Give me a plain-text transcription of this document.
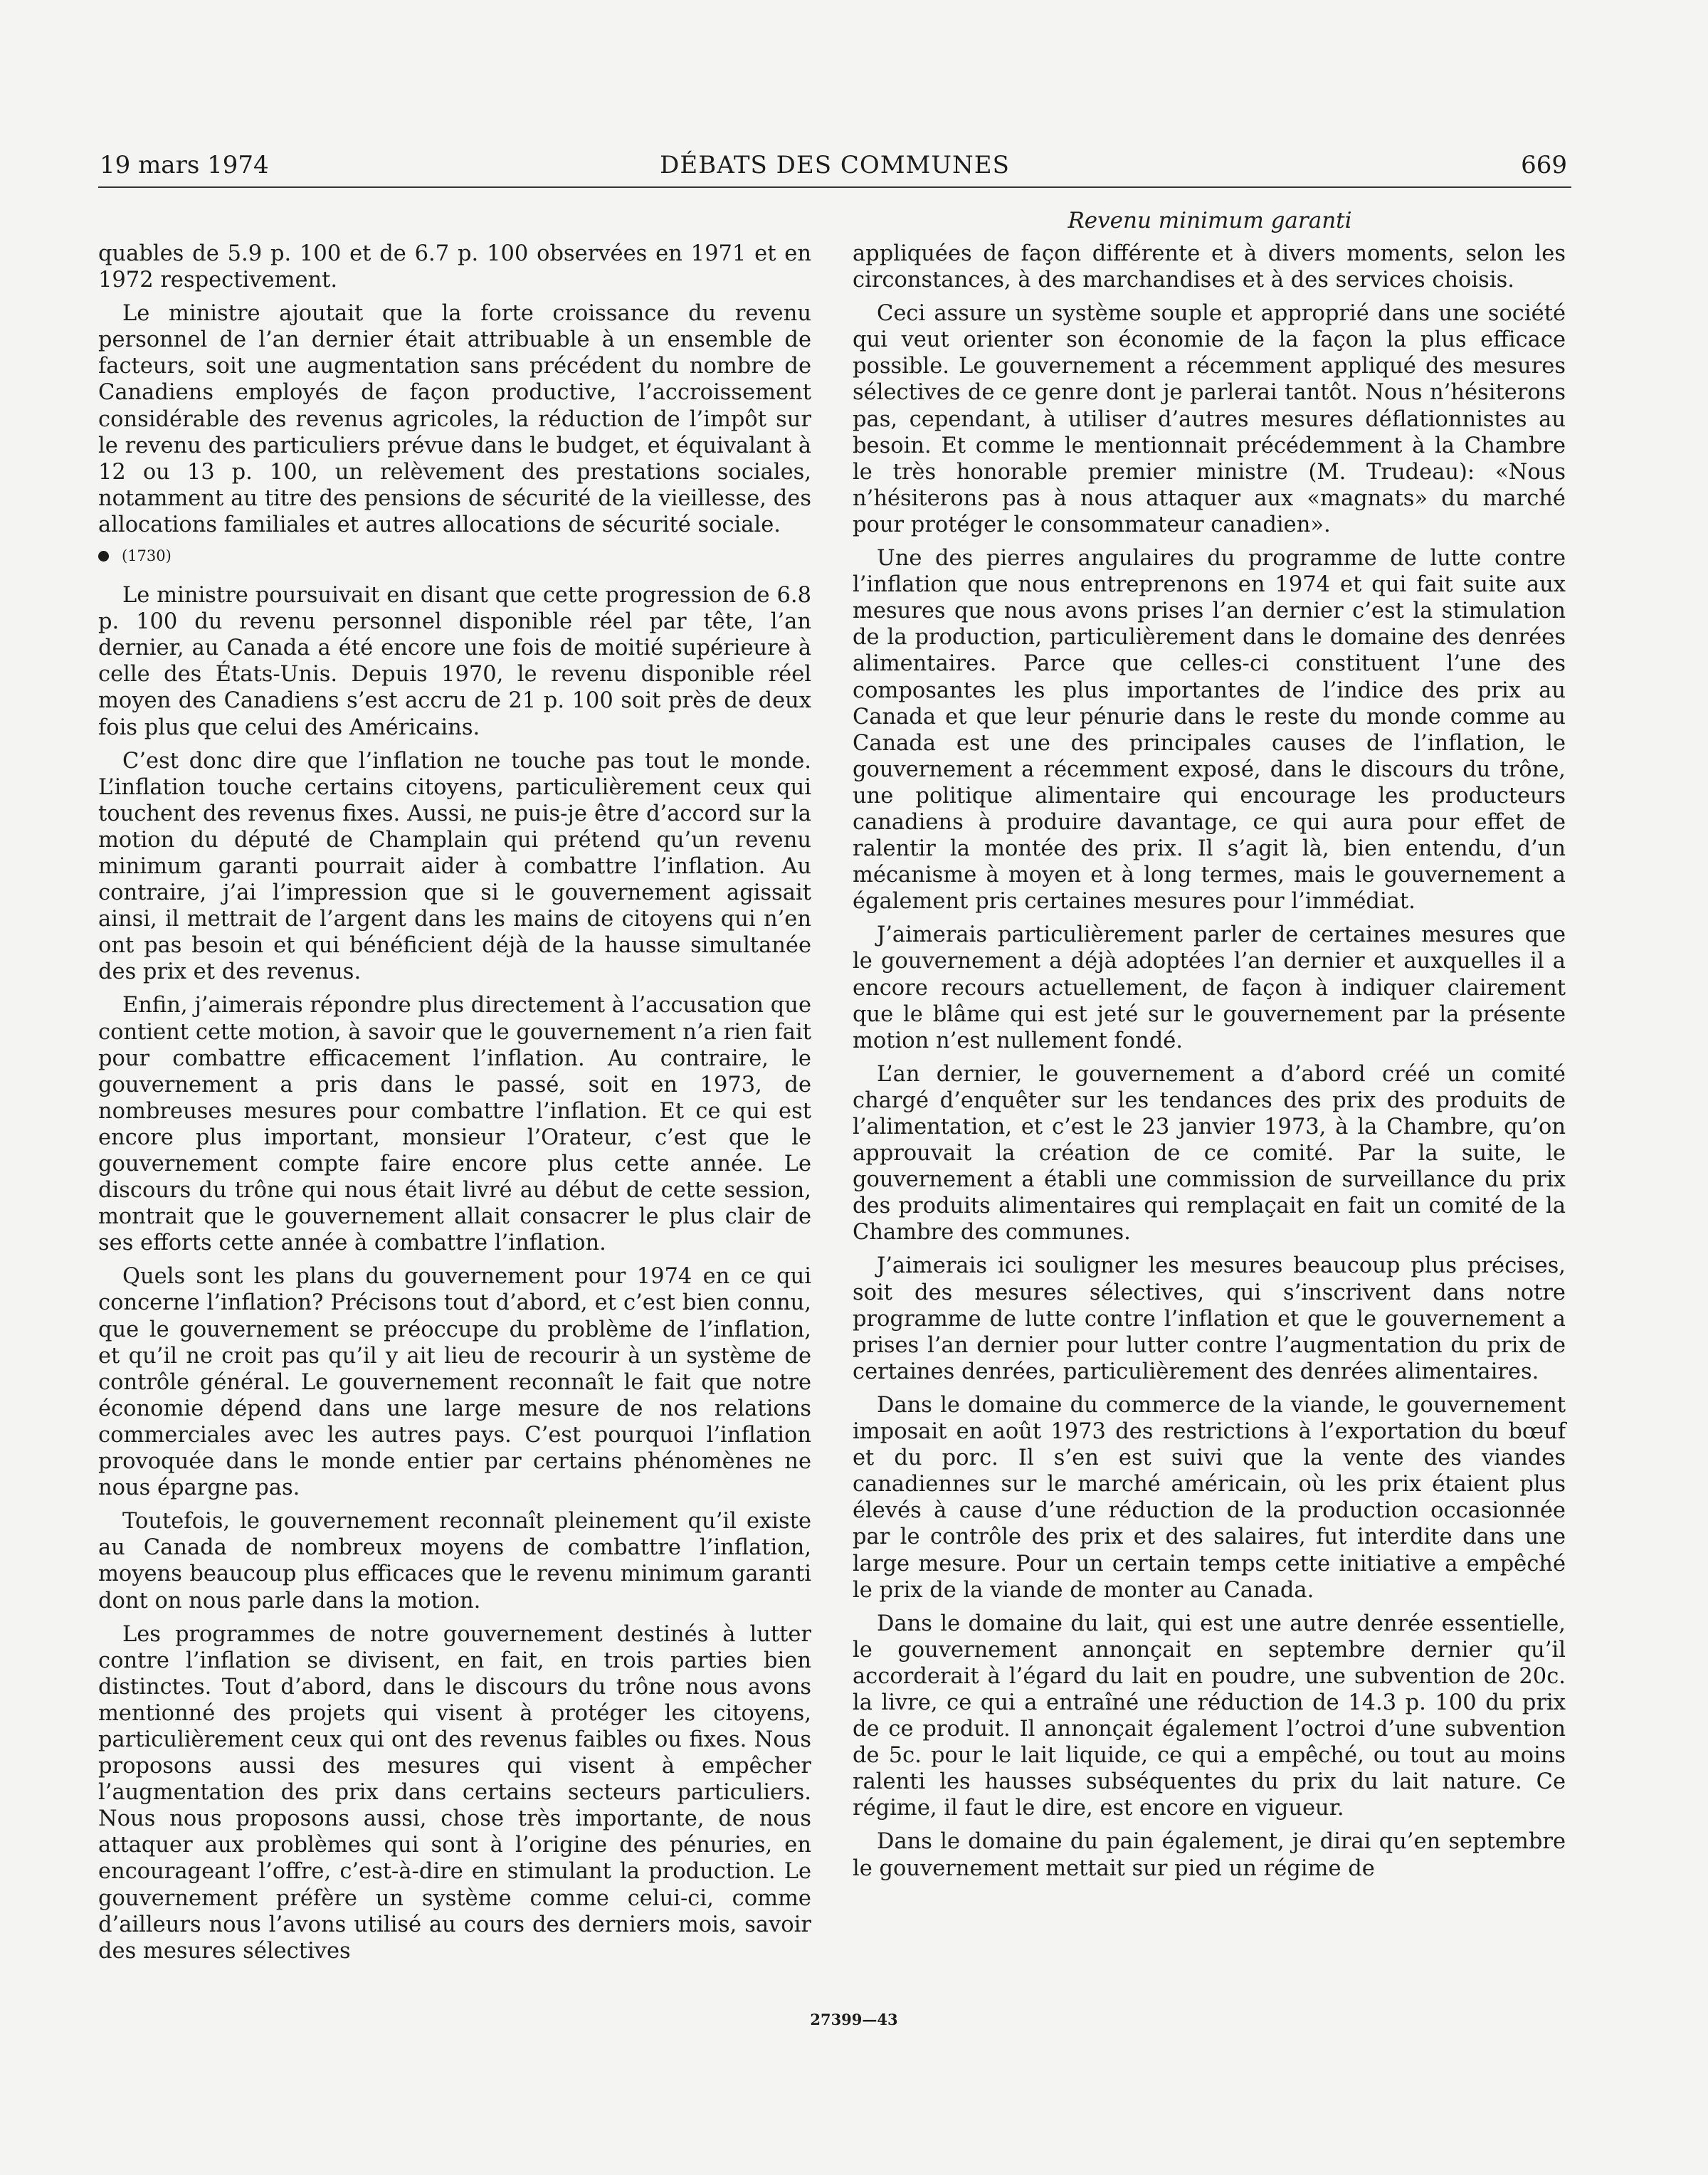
19 mars 1974	DÉBATS DES COMMUNES	669
Revenu minimum garanti

quables de 5.9 p. 100 et de 6.7 p. 100 observées en 1971 et en 1972 respectivement.

Le ministre ajoutait que la forte croissance du revenu personnel de l’an dernier était attribuable à un ensemble de facteurs, soit une augmentation sans précédent du nombre de Canadiens employés de façon productive, l’accroissement considérable des revenus agricoles, la réduction de l’impôt sur le revenu des particuliers prévue dans le budget, et équivalant à 12 ou 13 p. 100, un relèvement des prestations sociales, notamment au titre des pensions de sécurité de la vieillesse, des allocations familiales et autres allocations de sécurité sociale.

(1730)

Le ministre poursuivait en disant que cette progression de 6.8 p. 100 du revenu personnel disponible réel par tête, l’an dernier, au Canada a été encore une fois de moitié supérieure à celle des États-Unis. Depuis 1970, le revenu disponible réel moyen des Canadiens s’est accru de 21 p. 100 soit près de deux fois plus que celui des Américains.

C’est donc dire que l’inflation ne touche pas tout le monde. L’inflation touche certains citoyens, particulièrement ceux qui touchent des revenus fixes. Aussi, ne puis-je être d’accord sur la motion du député de Champlain qui prétend qu’un revenu minimum garanti pourrait aider à combattre l’inflation. Au contraire, j’ai l’impression que si le gouvernement agissait ainsi, il mettrait de l’argent dans les mains de citoyens qui n’en ont pas besoin et qui bénéficient déjà de la hausse simultanée des prix et des revenus.

Enfin, j’aimerais répondre plus directement à l’accusation que contient cette motion, à savoir que le gouvernement n’a rien fait pour combattre efficacement l’inflation. Au contraire, le gouvernement a pris dans le passé, soit en 1973, de nombreuses mesures pour combattre l’inflation. Et ce qui est encore plus important, monsieur l’Orateur, c’est que le gouvernement compte faire encore plus cette année. Le discours du trône qui nous était livré au début de cette session, montrait que le gouvernement allait consacrer le plus clair de ses efforts cette année à combattre l’inflation.

Quels sont les plans du gouvernement pour 1974 en ce qui concerne l’inflation? Précisons tout d’abord, et c’est bien connu, que le gouvernement se préoccupe du problème de l’inflation, et qu’il ne croit pas qu’il y ait lieu de recourir à un système de contrôle général. Le gouvernement reconnaît le fait que notre économie dépend dans une large mesure de nos relations commerciales avec les autres pays. C’est pourquoi l’inflation provoquée dans le monde entier par certains phénomènes ne nous épargne pas.

Toutefois, le gouvernement reconnaît pleinement qu’il existe au Canada de nombreux moyens de combattre l’inflation, moyens beaucoup plus efficaces que le revenu minimum garanti dont on nous parle dans la motion.

Les programmes de notre gouvernement destinés à lutter contre l’inflation se divisent, en fait, en trois parties bien distinctes. Tout d’abord, dans le discours du trône nous avons mentionné des projets qui visent à protéger les citoyens, particulièrement ceux qui ont des revenus faibles ou fixes. Nous proposons aussi des mesures qui visent à empêcher l’augmentation des prix dans certains secteurs particuliers. Nous nous proposons aussi, chose très importante, de nous attaquer aux problèmes qui sont à l’origine des pénuries, en encourageant l’offre, c’est-à-dire en stimulant la production. Le gouvernement préfère un système comme celui-ci, comme d’ailleurs nous l’avons utilisé au cours des derniers mois, savoir des mesures sélectives

appliquées de façon différente et à divers moments, selon les circonstances, à des marchandises et à des services choisis.

Ceci assure un système souple et approprié dans une société qui veut orienter son économie de la façon la plus efficace possible. Le gouvernement a récemment appliqué des mesures sélectives de ce genre dont je parlerai tantôt. Nous n’hésiterons pas, cependant, à utiliser d’autres mesures déflationnistes au besoin. Et comme le mentionnait précédemment à la Chambre le très honorable premier ministre (M. Trudeau): «Nous n’hésiterons pas à nous attaquer aux «magnats» du marché pour protéger le consommateur canadien».

Une des pierres angulaires du programme de lutte contre l’inflation que nous entreprenons en 1974 et qui fait suite aux mesures que nous avons prises l’an dernier c’est la stimulation de la production, particulièrement dans le domaine des denrées alimentaires. Parce que celles-ci constituent l’une des composantes les plus importantes de l’indice des prix au Canada et que leur pénurie dans le reste du monde comme au Canada est une des principales causes de l’inflation, le gouvernement a récemment exposé, dans le discours du trône, une politique alimentaire qui encourage les producteurs canadiens à produire davantage, ce qui aura pour effet de ralentir la montée des prix. Il s’agit là, bien entendu, d’un mécanisme à moyen et à long termes, mais le gouvernement a également pris certaines mesures pour l’immédiat.

J’aimerais particulièrement parler de certaines mesures que le gouvernement a déjà adoptées l’an dernier et auxquelles il a encore recours actuellement, de façon à indiquer clairement que le blâme qui est jeté sur le gouvernement par la présente motion n’est nullement fondé.

L’an dernier, le gouvernement a d’abord créé un comité chargé d’enquêter sur les tendances des prix des produits de l’alimentation, et c’est le 23 janvier 1973, à la Chambre, qu’on approuvait la création de ce comité. Par la suite, le gouvernement a établi une commission de surveillance du prix des produits alimentaires qui remplaçait en fait un comité de la Chambre des communes.

J’aimerais ici souligner les mesures beaucoup plus précises, soit des mesures sélectives, qui s’inscrivent dans notre programme de lutte contre l’inflation et que le gouvernement a prises l’an dernier pour lutter contre l’augmentation du prix de certaines denrées, particulièrement des denrées alimentaires.

Dans le domaine du commerce de la viande, le gouvernement imposait en août 1973 des restrictions à l’exportation du bœuf et du porc. Il s’en est suivi que la vente des viandes canadiennes sur le marché américain, où les prix étaient plus élevés à cause d’une réduction de la production occasionnée par le contrôle des prix et des salaires, fut interdite dans une large mesure. Pour un certain temps cette initiative a empêché le prix de la viande de monter au Canada.

Dans le domaine du lait, qui est une autre denrée essentielle, le gouvernement annonçait en septembre dernier qu’il accorderait à l’égard du lait en poudre, une subvention de 20c. la livre, ce qui a entraîné une réduction de 14.3 p. 100 du prix de ce produit. Il annonçait également l’octroi d’une subvention de 5c. pour le lait liquide, ce qui a empêché, ou tout au moins ralenti les hausses subséquentes du prix du lait nature. Ce régime, il faut le dire, est encore en vigueur.

Dans le domaine du pain également, je dirai qu’en septembre le gouvernement mettait sur pied un régime de

27399—43
